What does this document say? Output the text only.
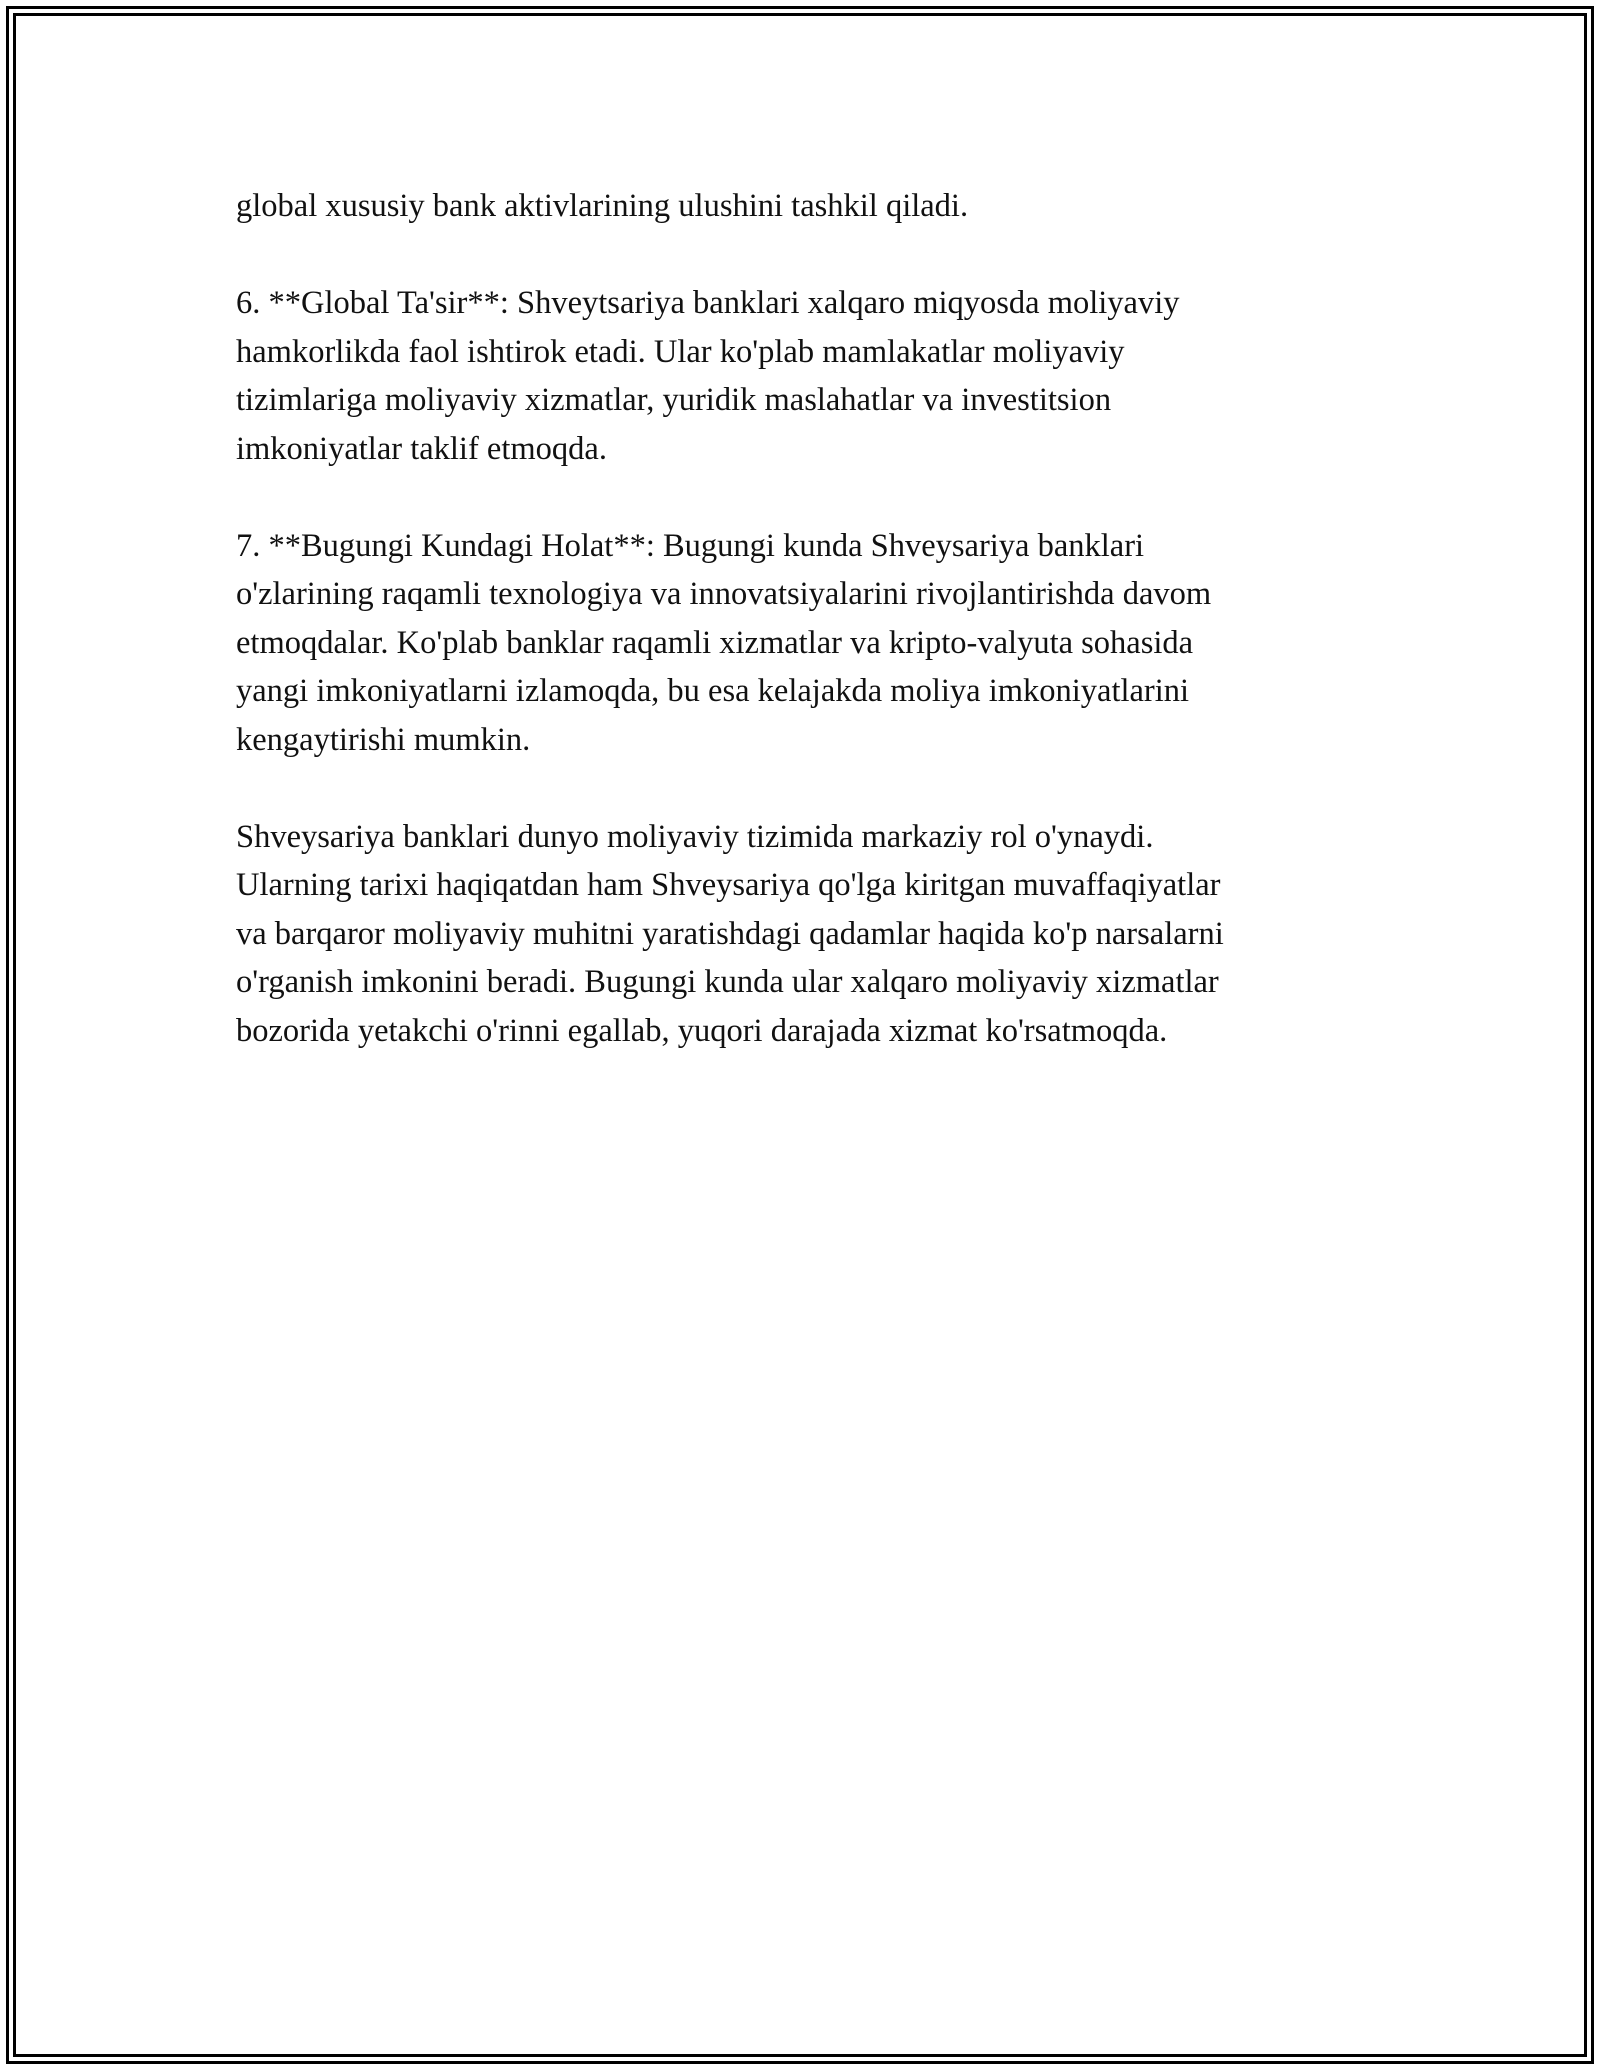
global xususiy bank aktivlarining ulushini tashkil qiladi.

6. **Global Ta'sir**: Shveytsariya banklari xalqaro miqyosda moliyaviy
hamkorlikda faol ishtirok etadi. Ular ko'plab mamlakatlar moliyaviy
tizimlariga moliyaviy xizmatlar, yuridik maslahatlar va investitsion
imkoniyatlar taklif etmoqda.

7. **Bugungi Kundagi Holat**: Bugungi kunda Shveysariya banklari
o'zlarining raqamli texnologiya va innovatsiyalarini rivojlantirishda davom
etmoqdalar. Ko'plab banklar raqamli xizmatlar va kripto-valyuta sohasida
yangi imkoniyatlarni izlamoqda, bu esa kelajakda moliya imkoniyatlarini
kengaytirishi mumkin.

Shveysariya banklari dunyo moliyaviy tizimida markaziy rol o'ynaydi.
Ularning tarixi haqiqatdan ham Shveysariya qo'lga kiritgan muvaffaqiyatlar
va barqaror moliyaviy muhitni yaratishdagi qadamlar haqida ko'p narsalarni
o'rganish imkonini beradi. Bugungi kunda ular xalqaro moliyaviy xizmatlar
bozorida yetakchi o'rinni egallab, yuqori darajada xizmat ko'rsatmoqda.
